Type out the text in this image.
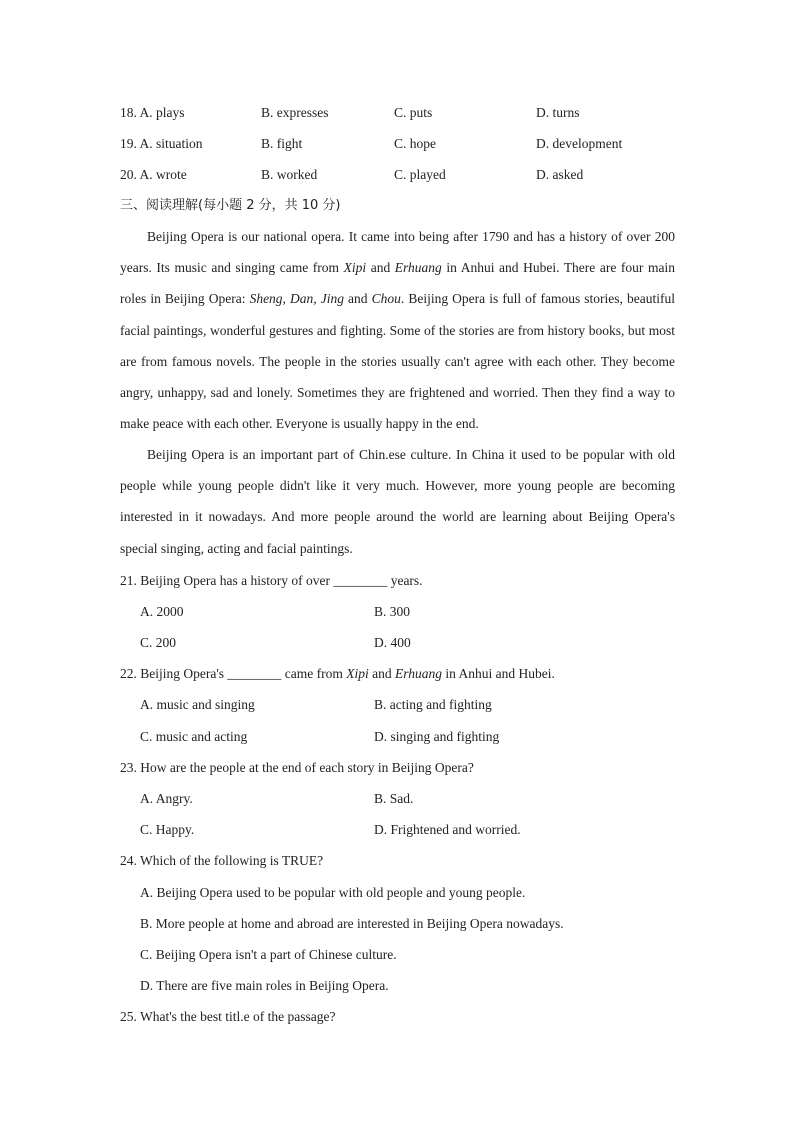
18. A. plays	B. expresses	C. puts	D. turns
19. A. situation	B. fight	C. hope	D. development
20. A. wrote	B. worked	C. played	D. asked
三、阅读理解(每小题 2 分，共 10 分)
Beijing Opera is our national opera. It came into being after 1790 and has a history of over 200 years. Its music and singing came from Xipi and Erhuang in Anhui and Hubei. There are four main roles in Beijing Opera: Sheng, Dan, Jing and Chou. Beijing Opera is full of famous stories, beautiful facial paintings, wonderful gestures and fighting. Some of the stories are from history books, but most are from famous novels. The people in the stories usually can't agree with each other. They become angry, unhappy, sad and lonely. Sometimes they are frightened and worried. Then they find a way to make peace with each other. Everyone is usually happy in the end.
Beijing Opera is an important part of Chin.ese culture. In China it used to be popular with old people while young people didn't like it very much. However, more young people are becoming interested in it nowadays. And more people around the world are learning about Beijing Opera's special singing, acting and facial paintings.
21. Beijing Opera has a history of over ________ years.
A. 2000	B. 300
C. 200	D. 400
22. Beijing Opera's ________ came from Xipi and Erhuang in Anhui and Hubei.
A. music and singing	B. acting and fighting
C. music and acting	D. singing and fighting
23. How are the people at the end of each story in Beijing Opera?
A. Angry.	B. Sad.
C. Happy.	D. Frightened and worried.
24. Which of the following is TRUE?
A. Beijing Opera used to be popular with old people and young people.
B. More people at home and abroad are interested in Beijing Opera nowadays.
C. Beijing Opera isn't a part of Chinese culture.
D. There are five main roles in Beijing Opera.
25. What's the best titl.e of the passage?
